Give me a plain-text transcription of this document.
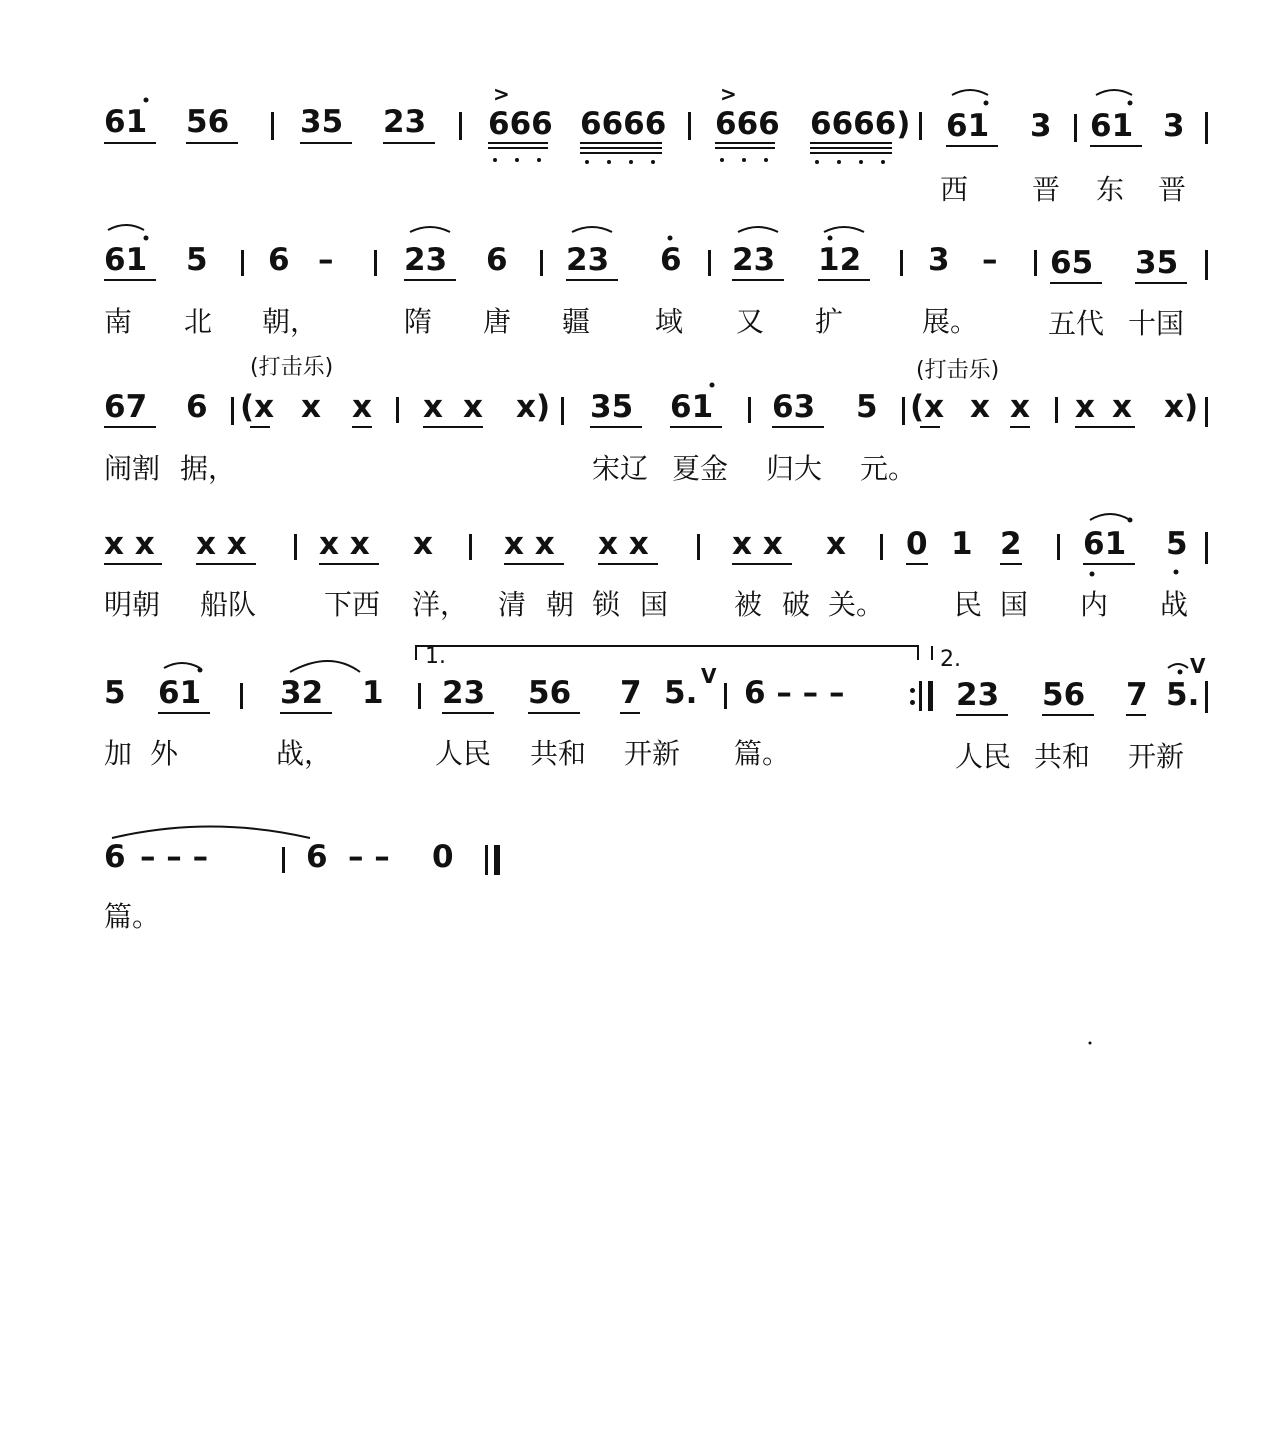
61 56 35 23
>
666 6666
>
666 6666) 61 3 61 3
西 晋 东 晋
61 5 6 – 23 6 23 6 23 12 3 – 65 35
南 北 朝，	隋 唐 疆 域 又 扩	展。 五代 十国
(打击乐)	(打击乐)
67 6 (x x x x x x) 35 61 63 5 (x x x x x x)
闹割 据，	宋辽 夏金 归大 元。
x x x x x x x x x x x	x x x 0 1 2 61 5
明朝 船队 下西 洋， 清 朝 锁 国 被 破 关。 民 国 内 战
1.	2.
5 61	32 1 23 56 7 5. V 6 – – –	23 56 7 5.
V
加 外	战，	人民 共和 开新 篇。	人民 共和 开新
6 – – –	6 – – 0
篇。
